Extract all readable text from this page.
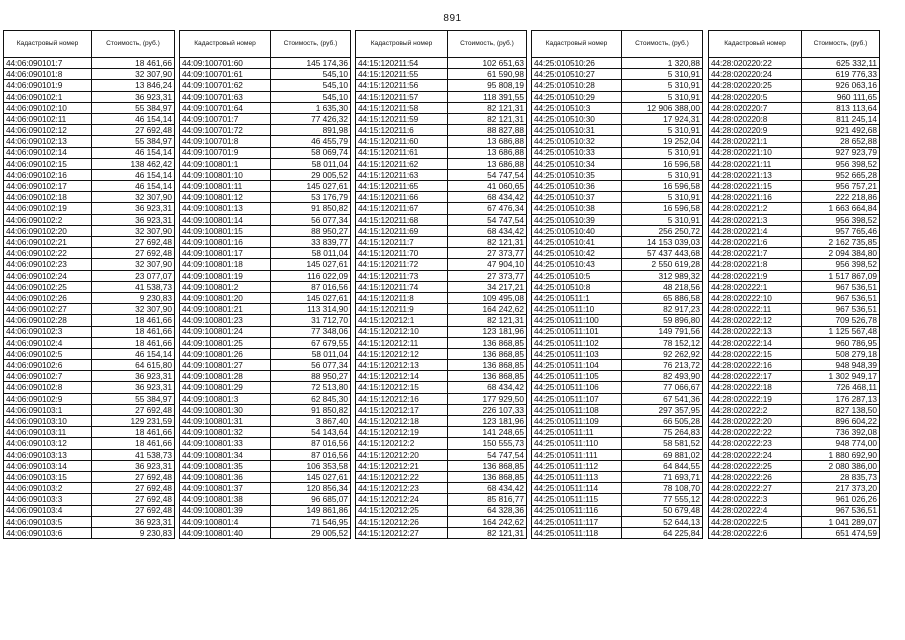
891
Кадастровый номер	Стоимость, (руб.)
44:06:090101:7	18 461,66
44:06:090101:8	32 307,90
44:06:090101:9	13 846,24
44:06:090102:1	36 923,31
44:06:090102:10	55 384,97
44:06:090102:11	46 154,14
44:06:090102:12	27 692,48
44:06:090102:13	55 384,97
44:06:090102:14	46 154,14
44:06:090102:15	138 462,42
44:06:090102:16	46 154,14
44:06:090102:17	46 154,14
44:06:090102:18	32 307,90
44:06:090102:19	36 923,31
44:06:090102:2	36 923,31
44:06:090102:20	32 307,90
44:06:090102:21	27 692,48
44:06:090102:22	27 692,48
44:06:090102:23	32 307,90
44:06:090102:24	23 077,07
44:06:090102:25	41 538,73
44:06:090102:26	9 230,83
44:06:090102:27	32 307,90
44:06:090102:28	18 461,66
44:06:090102:3	18 461,66
44:06:090102:4	18 461,66
44:06:090102:5	46 154,14
44:06:090102:6	64 615,80
44:06:090102:7	36 923,31
44:06:090102:8	36 923,31
44:06:090102:9	55 384,97
44:06:090103:1	27 692,48
44:06:090103:10	129 231,59
44:06:090103:11	18 461,66
44:06:090103:12	18 461,66
44:06:090103:13	41 538,73
44:06:090103:14	36 923,31
44:06:090103:15	27 692,48
44:06:090103:2	27 692,48
44:06:090103:3	27 692,48
44:06:090103:4	27 692,48
44:06:090103:5	36 923,31
44:06:090103:6	9 230,83
Кадастровый номер	Стоимость, (руб.)
44:09:100701:60	145 174,36
44:09:100701:61	545,10
44:09:100701:62	545,10
44:09:100701:63	545,10
44:09:100701:64	1 635,30
44:09:100701:7	77 426,32
44:09:100701:72	891,98
44:09:100701:8	46 455,79
44:09:100701:9	58 069,74
44:09:100801:1	58 011,04
44:09:100801:10	29 005,52
44:09:100801:11	145 027,61
44:09:100801:12	53 176,79
44:09:100801:13	91 850,82
44:09:100801:14	56 077,34
44:09:100801:15	88 950,27
44:09:100801:16	33 839,77
44:09:100801:17	58 011,04
44:09:100801:18	145 027,61
44:09:100801:19	116 022,09
44:09:100801:2	87 016,56
44:09:100801:20	145 027,61
44:09:100801:21	113 314,90
44:09:100801:23	31 712,70
44:09:100801:24	77 348,06
44:09:100801:25	67 679,55
44:09:100801:26	58 011,04
44:09:100801:27	56 077,34
44:09:100801:28	88 950,27
44:09:100801:29	72 513,80
44:09:100801:3	62 845,30
44:09:100801:30	91 850,82
44:09:100801:31	3 867,40
44:09:100801:32	54 143,64
44:09:100801:33	87 016,56
44:09:100801:34	87 016,56
44:09:100801:35	106 353,58
44:09:100801:36	145 027,61
44:09:100801:37	120 856,34
44:09:100801:38	96 685,07
44:09:100801:39	149 861,86
44:09:100801:4	71 546,95
44:09:100801:40	29 005,52
Кадастровый номер	Стоимость, (руб.)
44:15:120211:54	102 651,63
44:15:120211:55	61 590,98
44:15:120211:56	95 808,19
44:15:120211:57	118 391,55
44:15:120211:58	82 121,31
44:15:120211:59	82 121,31
44:15:120211:6	88 827,88
44:15:120211:60	13 686,88
44:15:120211:61	13 686,88
44:15:120211:62	13 686,88
44:15:120211:63	54 747,54
44:15:120211:65	41 060,65
44:15:120211:66	68 434,42
44:15:120211:67	67 476,34
44:15:120211:68	54 747,54
44:15:120211:69	68 434,42
44:15:120211:7	82 121,31
44:15:120211:70	27 373,77
44:15:120211:72	47 904,10
44:15:120211:73	27 373,77
44:15:120211:74	34 217,21
44:15:120211:8	109 495,08
44:15:120211:9	164 242,62
44:15:120212:1	82 121,31
44:15:120212:10	123 181,96
44:15:120212:11	136 868,85
44:15:120212:12	136 868,85
44:15:120212:13	136 868,85
44:15:120212:14	136 868,85
44:15:120212:15	68 434,42
44:15:120212:16	177 929,50
44:15:120212:17	226 107,33
44:15:120212:18	123 181,96
44:15:120212:19	141 248,65
44:15:120212:2	150 555,73
44:15:120212:20	54 747,54
44:15:120212:21	136 868,85
44:15:120212:22	136 868,85
44:15:120212:23	68 434,42
44:15:120212:24	85 816,77
44:15:120212:25	64 328,36
44:15:120212:26	164 242,62
44:15:120212:27	82 121,31
Кадастровый номер	Стоимость, (руб.)
44:25:010510:26	1 320,88
44:25:010510:27	5 310,91
44:25:010510:28	5 310,91
44:25:010510:29	5 310,91
44:25:010510:3	12 906 388,00
44:25:010510:30	17 924,31
44:25:010510:31	5 310,91
44:25:010510:32	19 252,04
44:25:010510:33	5 310,91
44:25:010510:34	16 596,58
44:25:010510:35	5 310,91
44:25:010510:36	16 596,58
44:25:010510:37	5 310,91
44:25:010510:38	16 596,58
44:25:010510:39	5 310,91
44:25:010510:40	256 250,72
44:25:010510:41	14 153 039,03
44:25:010510:42	57 437 443,68
44:25:010510:43	2 550 619,28
44:25:010510:5	312 989,32
44:25:010510:8	48 218,56
44:25:010511:1	65 886,58
44:25:010511:10	82 917,23
44:25:010511:100	59 896,80
44:25:010511:101	149 791,56
44:25:010511:102	78 152,12
44:25:010511:103	92 262,92
44:25:010511:104	76 213,72
44:25:010511:105	82 493,90
44:25:010511:106	77 066,67
44:25:010511:107	67 541,36
44:25:010511:108	297 357,95
44:25:010511:109	66 505,28
44:25:010511:11	75 264,83
44:25:010511:110	58 581,52
44:25:010511:111	69 881,02
44:25:010511:112	64 844,55
44:25:010511:113	71 693,71
44:25:010511:114	78 108,70
44:25:010511:115	77 555,12
44:25:010511:116	50 679,48
44:25:010511:117	52 644,13
44:25:010511:118	64 225,84
Кадастровый номер	Стоимость, (руб.)
44:28:020220:22	625 332,11
44:28:020220:24	619 776,33
44:28:020220:25	926 063,16
44:28:020220:5	960 111,65
44:28:020220:7	813 113,64
44:28:020220:8	811 245,14
44:28:020220:9	921 492,68
44:28:020221:1	28 652,88
44:28:020221:10	927 923,79
44:28:020221:11	956 398,52
44:28:020221:13	952 665,28
44:28:020221:15	956 757,21
44:28:020221:16	222 218,86
44:28:020221:2	1 663 664,84
44:28:020221:3	956 398,52
44:28:020221:4	957 765,46
44:28:020221:6	2 162 735,85
44:28:020221:7	2 094 384,80
44:28:020221:8	956 398,52
44:28:020221:9	1 517 867,09
44:28:020222:1	967 536,51
44:28:020222:10	967 536,51
44:28:020222:11	967 536,51
44:28:020222:12	709 526,78
44:28:020222:13	1 125 567,48
44:28:020222:14	960 786,95
44:28:020222:15	508 279,18
44:28:020222:16	948 948,39
44:28:020222:17	1 302 949,17
44:28:020222:18	726 468,11
44:28:020222:19	176 287,13
44:28:020222:2	827 138,50
44:28:020222:20	896 604,22
44:28:020222:22	736 392,08
44:28:020222:23	948 774,00
44:28:020222:24	1 880 692,90
44:28:020222:25	2 080 386,00
44:28:020222:26	28 835,73
44:28:020222:27	217 373,20
44:28:020222:3	961 026,26
44:28:020222:4	967 536,51
44:28:020222:5	1 041 289,07
44:28:020222:6	651 474,59
